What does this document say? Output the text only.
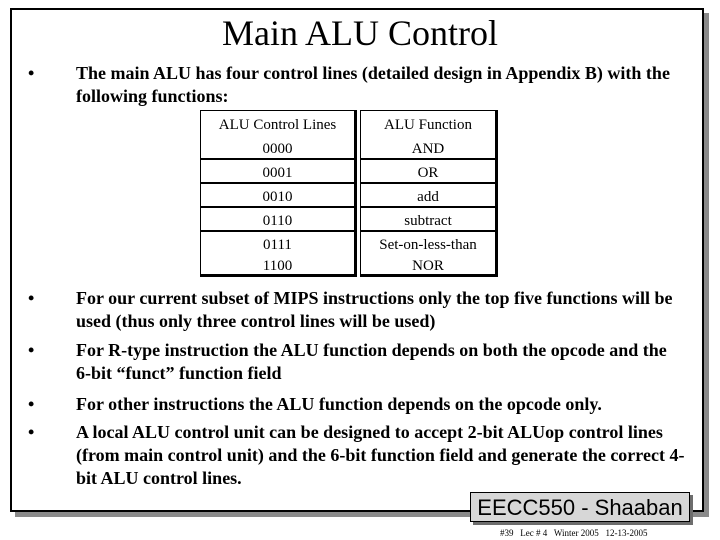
Main ALU Control
• The main ALU has four control lines (detailed design in Appendix B) with the following functions:
ALU Control Lines
0000
0001
0010
0110
0111
1100
ALU Function
AND
OR
add
subtract
Set-on-less-than
NOR
• For our current subset of MIPS instructions only the top five functions will be used (thus only three control lines will be used)
• For R-type instruction the ALU function depends on both the opcode and the 6-bit “funct” function field
• For other instructions the ALU function depends on the opcode only.
• A local ALU control unit can be designed to accept 2-bit ALUop control lines (from main control unit) and the 6-bit function field and generate the correct 4-bit ALU control lines.
EECC550 - Shaaban
#39   Lec # 4   Winter 2005   12-13-2005
